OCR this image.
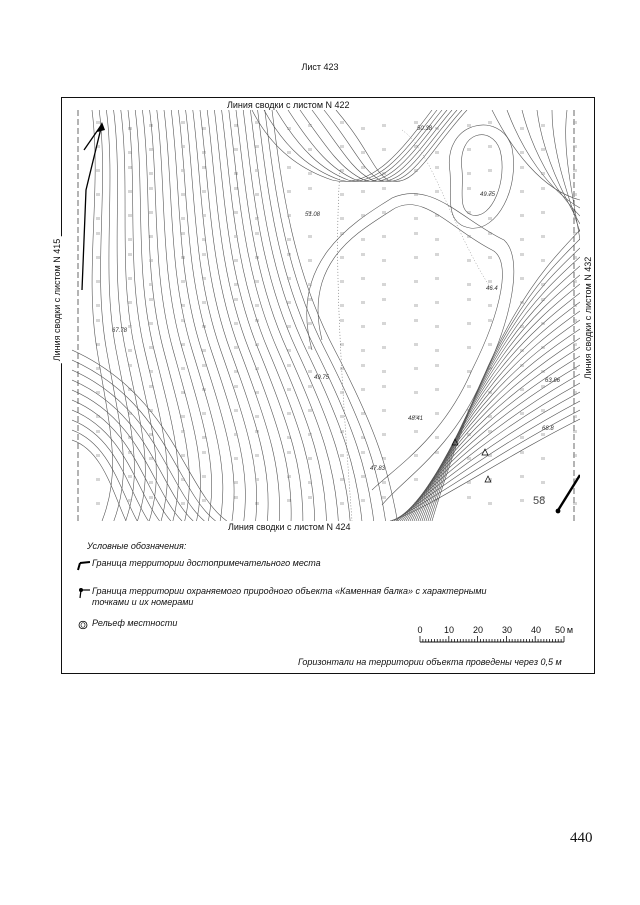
Лист 423
50.38
49.75
51.08
46.4
67.78
49.75
48.41
47.83
63.86
68.8
58
Линия сводки с листом N 422
Линия сводки с листом N 424
Линия сводки с листом N 415	Линия сводки с листом N 432
Условные обозначения:
Граница территории достопримечательного места
Граница территории охраняемого природного объекта «Каменная балка» с характерными точками и их номерами
Рельеф местности
0 10 20 30 40 50 м
Горизонтали на территории объекта проведены через 0,5 м
440
